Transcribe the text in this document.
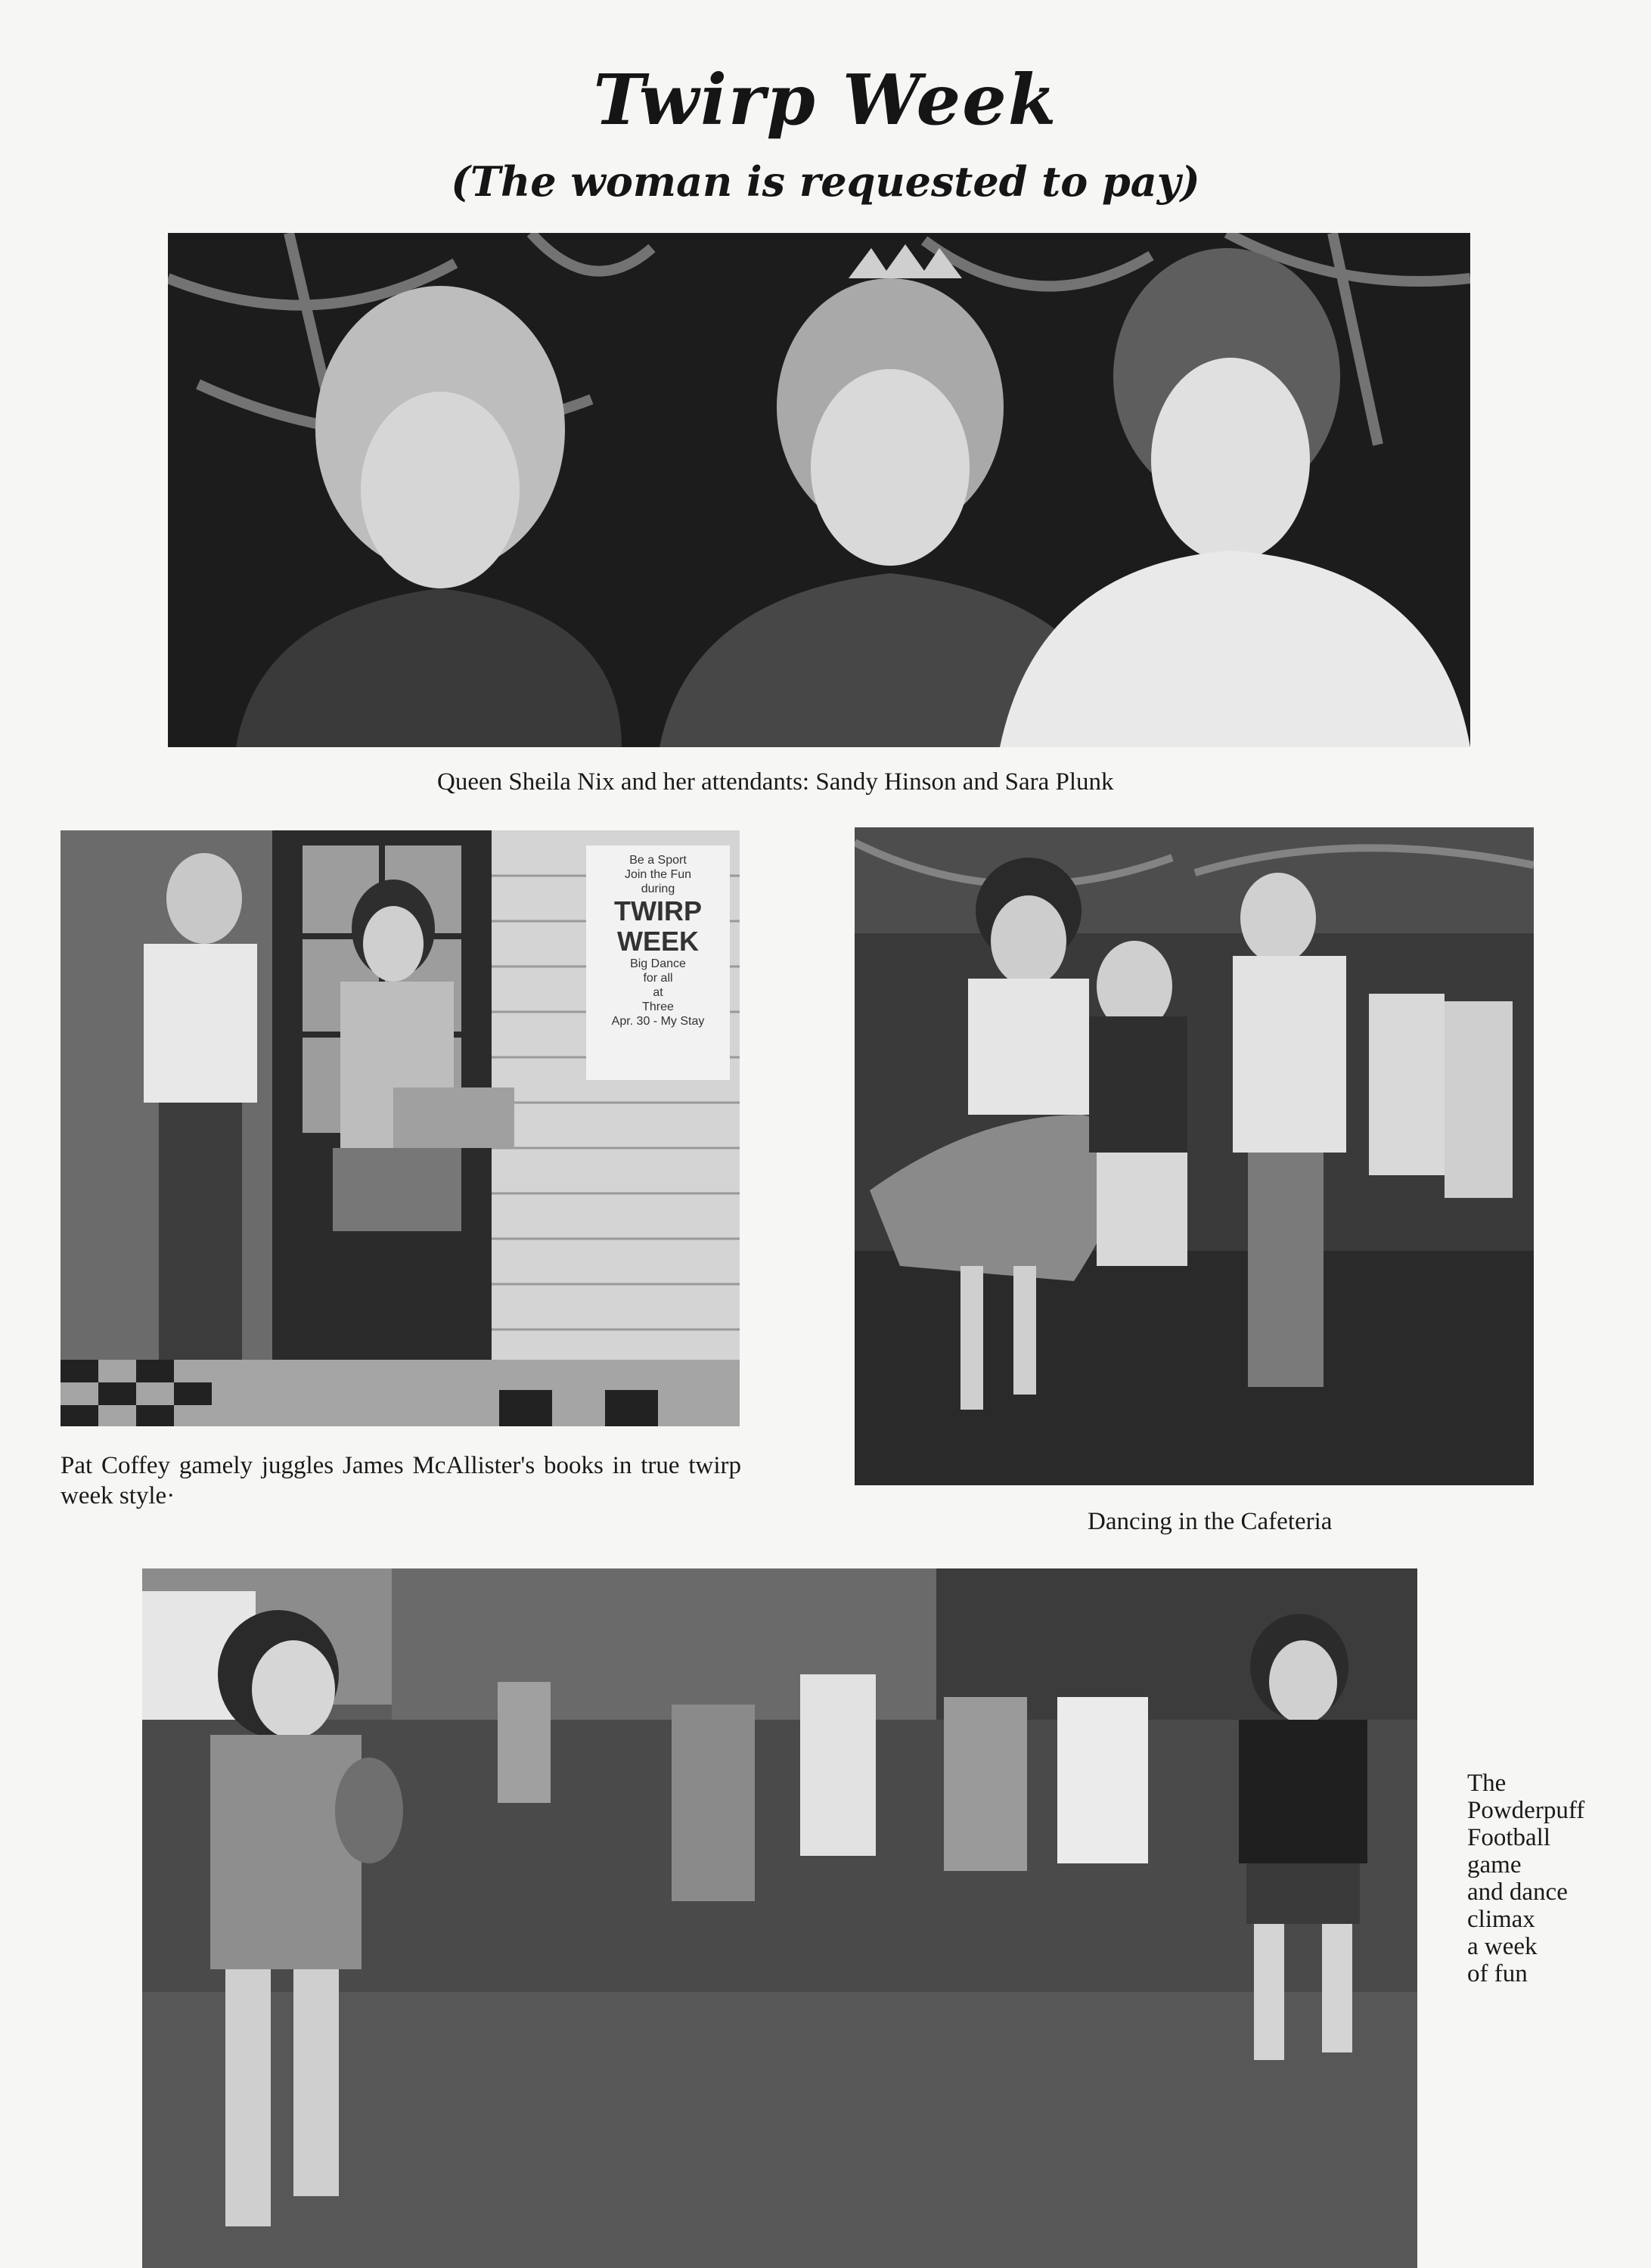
Twirp Week
(The woman is requested to pay)
Queen Sheila Nix and her attendants: Sandy Hinson and Sara Plunk
Be a Sport
Join the Fun
during
TWIRP
WEEK
Big Dance
for all
at
Three
Apr. 30 - My Stay
Pat Coffey gamely juggles James McAllister's books in true twirp week style·
Dancing in the Cafeteria
The
Powderpuff
Football
game
and dance
climax
a week
of fun
